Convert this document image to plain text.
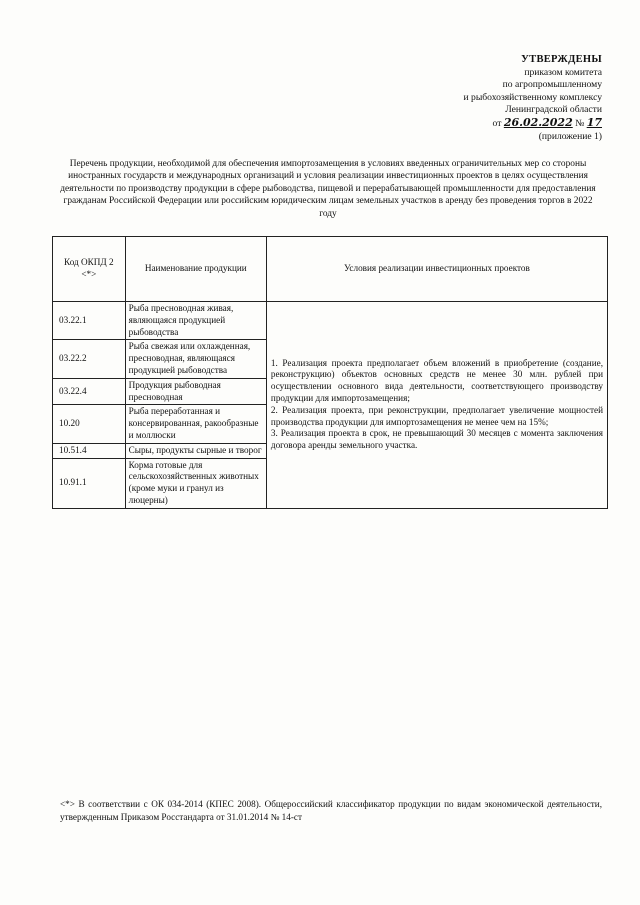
УТВЕРЖДЕНЫ
приказом комитета
по агропромышленному
и рыбохозяйственному комплексу
Ленинградской области
от 26.02.2022 № 17
(приложение 1)
Перечень продукции, необходимой для обеспечения импортозамещения в условиях введенных ограничительных мер со стороны иностранных государств и международных организаций и условия реализации инвестиционных проектов в целях осуществления деятельности по производству продукции в сфере рыбоводства, пищевой и перерабатывающей промышленности для предоставления гражданам Российской Федерации или российским юридическим лицам земельных участков в аренду без проведения торгов в 2022 году
Код ОКПД 2 <*>	Наименование продукции	Условия реализации инвестиционных проектов
03.22.1	Рыба пресноводная живая, являющаяся продукцией рыбоводства	1. Реализация проекта предполагает объем вложений в приобретение (создание, реконструкцию) объектов основных средств не менее 30 млн. рублей при осуществлении основного вида деятельности, соответствующего производству продукции для импортозамещения;

2. Реализация проекта, при реконструкции, предполагает увеличение мощностей производства продукции для импортозамещения не менее чем на 15%;

3. Реализация проекта в срок, не превышающий 30 месяцев с момента заключения договора аренды земельного участка.

03.22.2	Рыба свежая или охлажденная, пресноводная, являющаяся продукцией рыбоводства	
03.22.4	Продукция рыбоводная пресноводная	
10.20	Рыба переработанная и консервированная, ракообразные и моллюски	
10.51.4	Сыры, продукты сырные и творог	
10.91.1	Корма готовые для сельскохозяйственных животных (кроме муки и гранул из люцерны)	
<*> В соответствии с ОК 034-2014 (КПЕС 2008). Общероссийский классификатор продукции по видам экономической деятельности, утвержденным Приказом Росстандарта от 31.01.2014 № 14-ст
